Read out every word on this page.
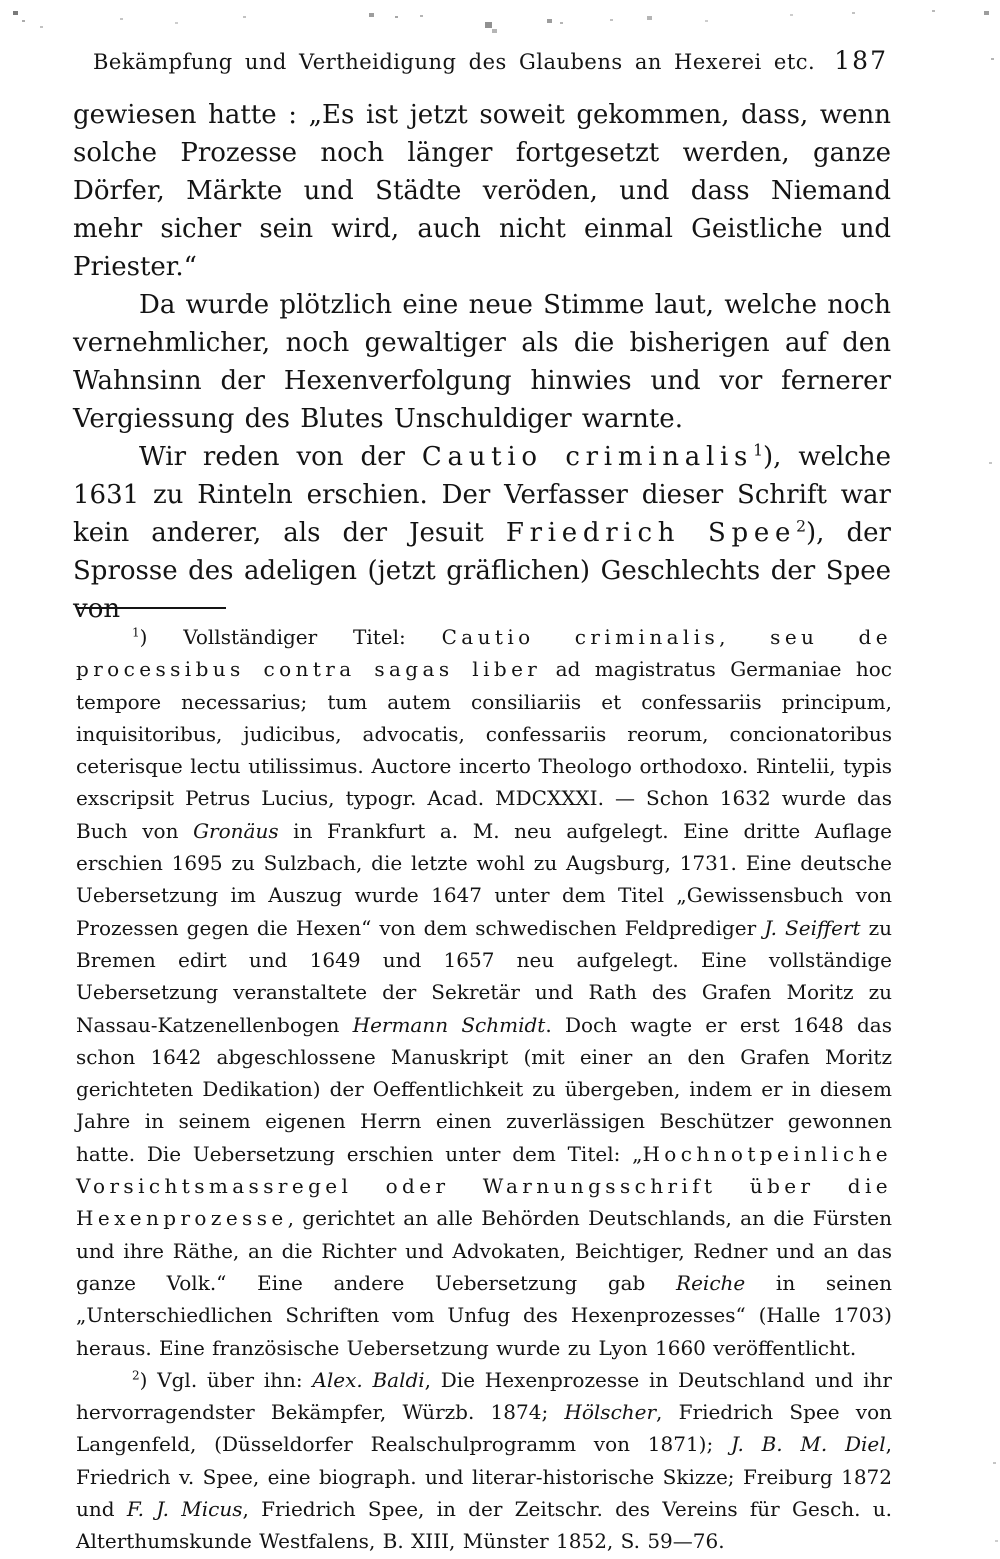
Bekämpfung und Vertheidigung des Glaubens an Hexerei etc. 187

gewiesen hatte : „Es ist jetzt soweit gekommen, dass, wenn solche Prozesse noch länger fortgesetzt werden, ganze Dörfer, Märkte und Städte veröden, und dass Niemand mehr sicher sein wird, auch nicht einmal Geistliche und Priester.“

Da wurde plötzlich eine neue Stimme laut, welche noch vernehmlicher, noch gewaltiger als die bisherigen auf den Wahnsinn der Hexenverfolgung hinwies und vor fernerer Vergiessung des Blutes Unschuldiger warnte.

Wir reden von der Cautio criminalis$^1$), welche 1631 zu Rinteln erschien. Der Verfasser dieser Schrift war kein anderer, als der Jesuit Friedrich Spee$^2$), der Sprosse des adeligen (jetzt gräflichen) Geschlechts der Spee von

$^1$) Vollständiger Titel: Cautio criminalis, seu de processibus contra sagas liber ad magistratus Germaniae hoc tempore necessarius; tum autem consiliariis et confessariis principum, inquisitoribus, judicibus, advocatis, confessariis reorum, concionatoribus ceterisque lectu utilissimus. Auctore incerto Theologo orthodoxo. Rintelii, typis exscripsit Petrus Lucius, typogr. Acad. MDCXXXI. — Schon 1632 wurde das Buch von Gronäus in Frankfurt a. M. neu aufgelegt. Eine dritte Auflage erschien 1695 zu Sulzbach, die letzte wohl zu Augsburg, 1731. Eine deutsche Uebersetzung im Auszug wurde 1647 unter dem Titel „Gewissensbuch von Prozessen gegen die Hexen“ von dem schwedischen Feldprediger J. Seiffert zu Bremen edirt und 1649 und 1657 neu aufgelegt. Eine vollständige Uebersetzung veranstaltete der Sekretär und Rath des Grafen Moritz zu Nassau-Katzenellenbogen Hermann Schmidt. Doch wagte er erst 1648 das schon 1642 abgeschlossene Manuskript (mit einer an den Grafen Moritz gerichteten Dedikation) der Oeffentlichkeit zu übergeben, indem er in diesem Jahre in seinem eigenen Herrn einen zuverlässigen Beschützer gewonnen hatte. Die Uebersetzung erschien unter dem Titel: „Hochnotpeinliche Vorsichtsmassregel oder Warnungsschrift über die Hexenprozesse, gerichtet an alle Behörden Deutschlands, an die Fürsten und ihre Räthe, an die Richter und Advokaten, Beichtiger, Redner und an das ganze Volk.“ Eine andere Uebersetzung gab Reiche in seinen „Unterschiedlichen Schriften vom Unfug des Hexenprozesses“ (Halle 1703) heraus. Eine französische Uebersetzung wurde zu Lyon 1660 veröffentlicht.

$^2$) Vgl. über ihn: Alex. Baldi, Die Hexenprozesse in Deutschland und ihr hervorragendster Bekämpfer, Würzb. 1874; Hölscher, Friedrich Spee von Langenfeld, (Düsseldorfer Realschulprogramm von 1871); J. B. M. Diel, Friedrich v. Spee, eine biograph. und literar-historische Skizze; Freiburg 1872 und F. J. Micus, Friedrich Spee, in der Zeitschr. des Vereins für Gesch. u. Alterthumskunde Westfalens, B. XIII, Münster 1852, S. 59—76.
